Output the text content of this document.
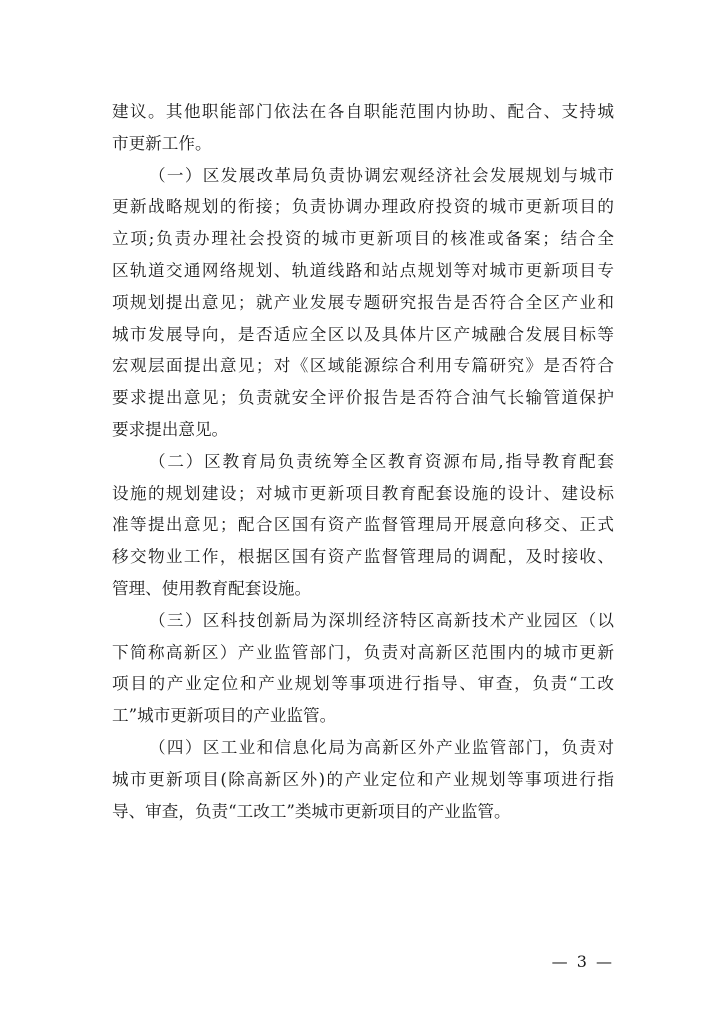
建议。其他职能部门依法在各自职能范围内协助、配合、支持城
市更新工作。
（一）区发展改革局负责协调宏观经济社会发展规划与城市
更新战略规划的衔接；负责协调办理政府投资的城市更新项目的
立项;负责办理社会投资的城市更新项目的核准或备案；结合全
区轨道交通网络规划、轨道线路和站点规划等对城市更新项目专
项规划提出意见；就产业发展专题研究报告是否符合全区产业和
城市发展导向，是否适应全区以及具体片区产城融合发展目标等
宏观层面提出意见；对《区域能源综合利用专篇研究》是否符合
要求提出意见；负责就安全评价报告是否符合油气长输管道保护
要求提出意见。
（二）区教育局负责统筹全区教育资源布局,指导教育配套
设施的规划建设；对城市更新项目教育配套设施的设计、建设标
准等提出意见；配合区国有资产监督管理局开展意向移交、正式
移交物业工作，根据区国有资产监督管理局的调配，及时接收、
管理、使用教育配套设施。
（三）区科技创新局为深圳经济特区高新技术产业园区（以
下简称高新区）产业监管部门，负责对高新区范围内的城市更新
项目的产业定位和产业规划等事项进行指导、审查，负责“工改
工”城市更新项目的产业监管。
（四）区工业和信息化局为高新区外产业监管部门，负责对
城市更新项目(除高新区外)的产业定位和产业规划等事项进行指
导、审查，负责“工改工”类城市更新项目的产业监管。
— 3 —
